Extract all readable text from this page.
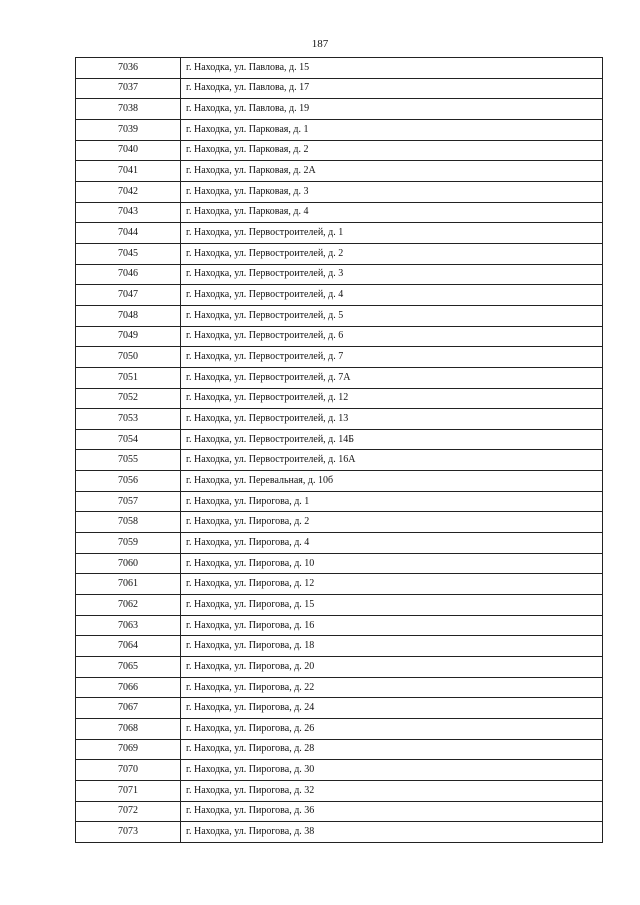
187
7036	г. Находка, ул. Павлова, д. 15
7037	г. Находка, ул. Павлова, д. 17
7038	г. Находка, ул. Павлова, д. 19
7039	г. Находка, ул. Парковая, д. 1
7040	г. Находка, ул. Парковая, д. 2
7041	г. Находка, ул. Парковая, д. 2А
7042	г. Находка, ул. Парковая, д. 3
7043	г. Находка, ул. Парковая, д. 4
7044	г. Находка, ул. Первостроителей, д. 1
7045	г. Находка, ул. Первостроителей, д. 2
7046	г. Находка, ул. Первостроителей, д. 3
7047	г. Находка, ул. Первостроителей, д. 4
7048	г. Находка, ул. Первостроителей, д. 5
7049	г. Находка, ул. Первостроителей, д. 6
7050	г. Находка, ул. Первостроителей, д. 7
7051	г. Находка, ул. Первостроителей, д. 7А
7052	г. Находка, ул. Первостроителей, д. 12
7053	г. Находка, ул. Первостроителей, д. 13
7054	г. Находка, ул. Первостроителей, д. 14Б
7055	г. Находка, ул. Первостроителей, д. 16А
7056	г. Находка, ул. Перевальная, д. 10б
7057	г. Находка, ул. Пирогова, д. 1
7058	г. Находка, ул. Пирогова, д. 2
7059	г. Находка, ул. Пирогова, д. 4
7060	г. Находка, ул. Пирогова, д. 10
7061	г. Находка, ул. Пирогова, д. 12
7062	г. Находка, ул. Пирогова, д. 15
7063	г. Находка, ул. Пирогова, д. 16
7064	г. Находка, ул. Пирогова, д. 18
7065	г. Находка, ул. Пирогова, д. 20
7066	г. Находка, ул. Пирогова, д. 22
7067	г. Находка, ул. Пирогова, д. 24
7068	г. Находка, ул. Пирогова, д. 26
7069	г. Находка, ул. Пирогова, д. 28
7070	г. Находка, ул. Пирогова, д. 30
7071	г. Находка, ул. Пирогова, д. 32
7072	г. Находка, ул. Пирогова, д. 36
7073	г. Находка, ул. Пирогова, д. 38
